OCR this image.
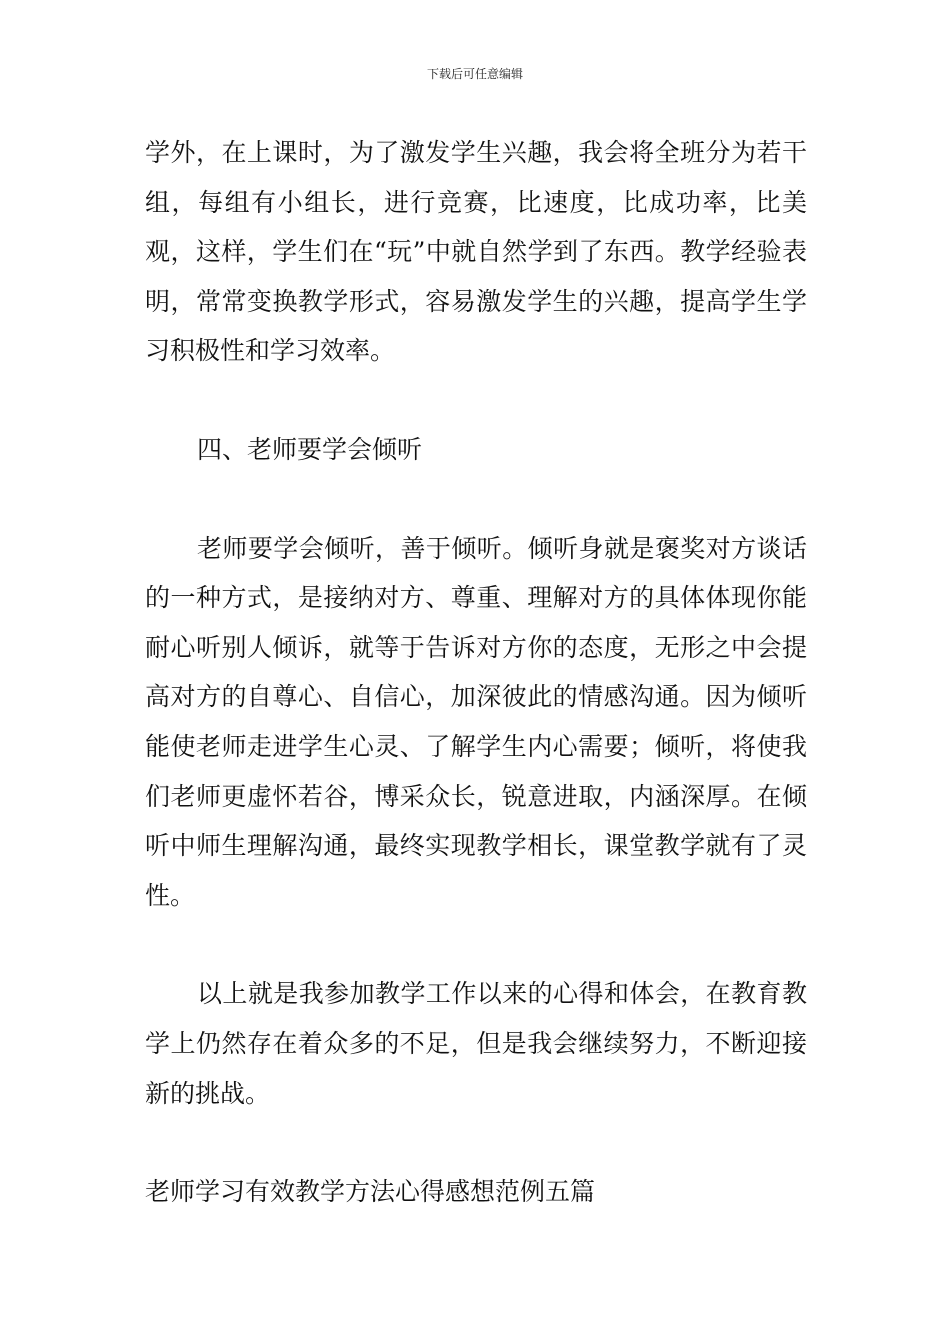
下载后可任意编辑

学外，在上课时，为了激发学生兴趣，我会将全班分为若干组，每组有小组长，进行竞赛，比速度，比成功率，比美观，这样，学生们在“玩”中就自然学到了东西。教学经验表明，常常变换教学形式，容易激发学生的兴趣，提高学生学习积极性和学习效率。

四、老师要学会倾听

老师要学会倾听，善于倾听。倾听身就是褒奖对方谈话的一种方式，是接纳对方、尊重、理解对方的具体体现你能耐心听别人倾诉，就等于告诉对方你的态度，无形之中会提高对方的自尊心、自信心，加深彼此的情感沟通。因为倾听能使老师走进学生心灵、了解学生内心需要；倾听，将使我们老师更虚怀若谷，博采众长，锐意进取，内涵深厚。在倾听中师生理解沟通，最终实现教学相长，课堂教学就有了灵性。

以上就是我参加教学工作以来的心得和体会，在教育教学上仍然存在着众多的不足，但是我会继续努力，不断迎接新的挑战。

老师学习有效教学方法心得感想范例五篇
